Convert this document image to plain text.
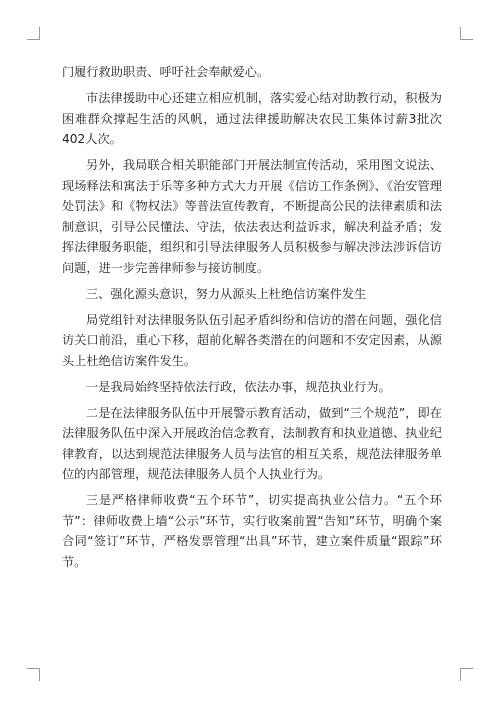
门履行救助职责、呼吁社会奉献爱心。

市法律援助中心还建立相应机制，落实爱心结对助教行动，积极为困难群众撑起生活的风帆，通过法律援助解决农民工集体讨薪3批次402人次。

另外，我局联合相关职能部门开展法制宣传活动，采用图文说法、现场释法和寓法于乐等多种方式大力开展《信访工作条例》、《治安管理处罚法》和《物权法》等普法宣传教育，不断提高公民的法律素质和法制意识，引导公民懂法、守法，依法表达利益诉求，解决利益矛盾；发挥法律服务职能，组织和引导法律服务人员积极参与解决涉法涉诉信访问题，进一步完善律师参与接访制度。

三、强化源头意识，努力从源头上杜绝信访案件发生

局党组针对法律服务队伍引起矛盾纠纷和信访的潜在问题，强化信访关口前沿，重心下移，超前化解各类潜在的问题和不安定因素，从源头上杜绝信访案件发生。

一是我局始终坚持依法行政，依法办事，规范执业行为。

二是在法律服务队伍中开展警示教育活动，做到“三个规范”，即在法律服务队伍中深入开展政治信念教育，法制教育和执业道德、执业纪律教育，以达到规范法律服务人员与法官的相互关系，规范法律服务单位的内部管理，规范法律服务人员个人执业行为。

三是严格律师收费“五个环节”，切实提高执业公信力。“五个环节”：律师收费上墙“公示”环节，实行收案前置“告知”环节，明确个案合同“签订”环节，严格发票管理“出具”环节，建立案件质量“跟踪”环节。
